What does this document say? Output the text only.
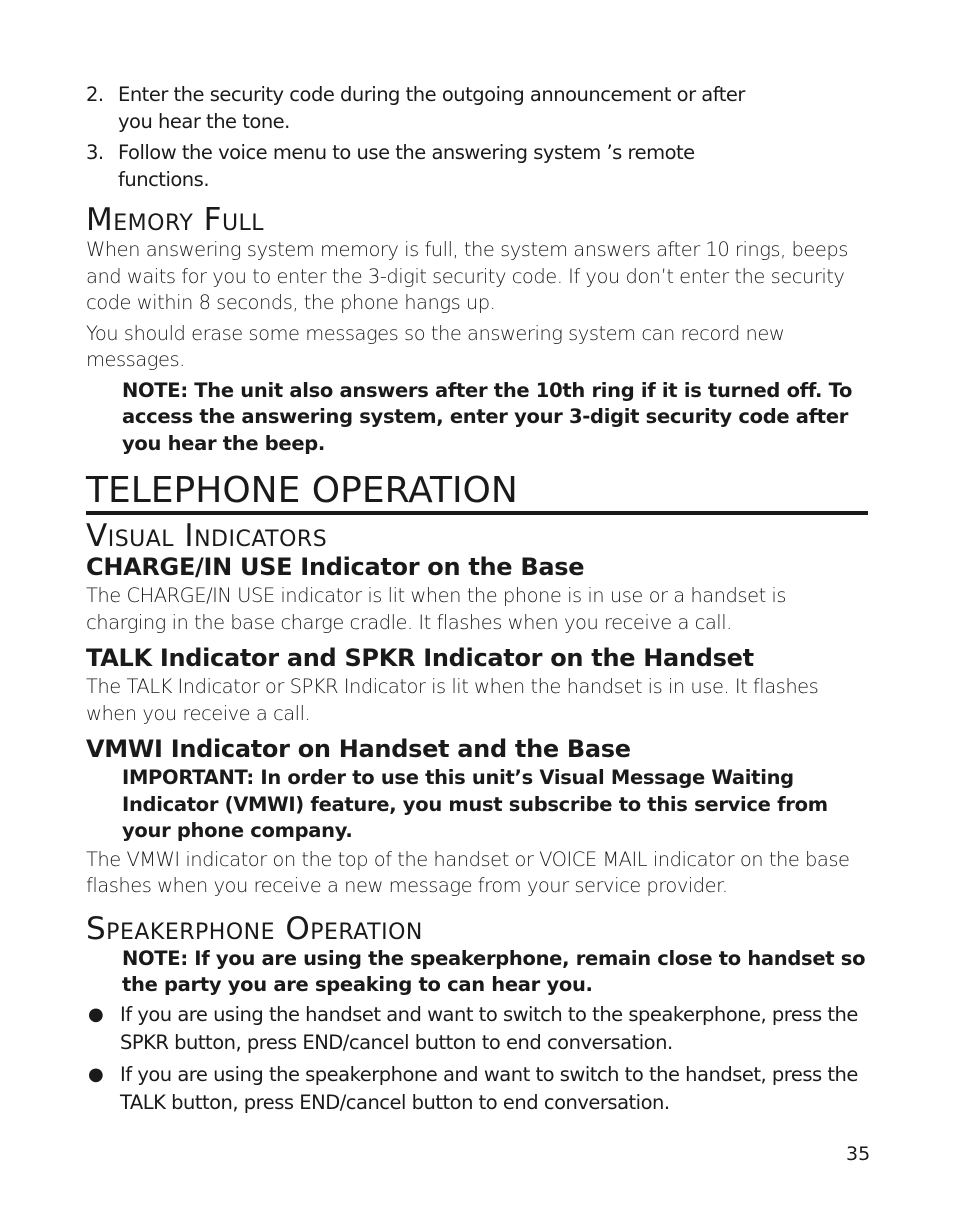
2. Enter the security code during the outgoing announcement or after you hear the tone.
3. Follow the voice menu to use the answering system ’s remote functions.
Memory Full

When answering system memory is full, the system answers after 10 rings, beeps and waits for you to enter the 3-digit security code. If you don’t enter the security code within 8 seconds, the phone hangs up.

You should erase some messages so the answering system can record new messages.

NOTE: The unit also answers after the 10th ring if it is turned off. To access the answering system, enter your 3-digit security code after you hear the beep.

TELEPHONE OPERATION
Visual Indicators
CHARGE/IN USE Indicator on the Base

The CHARGE/IN USE indicator is lit when the phone is in use or a handset is charging in the base charge cradle. It flashes when you receive a call.

TALK Indicator and SPKR Indicator on the Handset

The TALK Indicator or SPKR Indicator is lit when the handset is in use. It flashes when you receive a call.

VMWI Indicator on Handset and the Base

IMPORTANT: In order to use this unit’s Visual Message Waiting Indicator (VMWI) feature, you must subscribe to this service from your phone company.

The VMWI indicator on the top of the handset or VOICE MAIL indicator on the base flashes when you receive a new message from your service provider.

Speakerphone Operation

NOTE: If you are using the speakerphone, remain close to handset so the party you are speaking to can hear you.

● If you are using the handset and want to switch to the speakerphone, press the SPKR button, press END/cancel button to end conversation.
● If you are using the speakerphone and want to switch to the handset, press the TALK button, press END/cancel button to end conversation.
35
